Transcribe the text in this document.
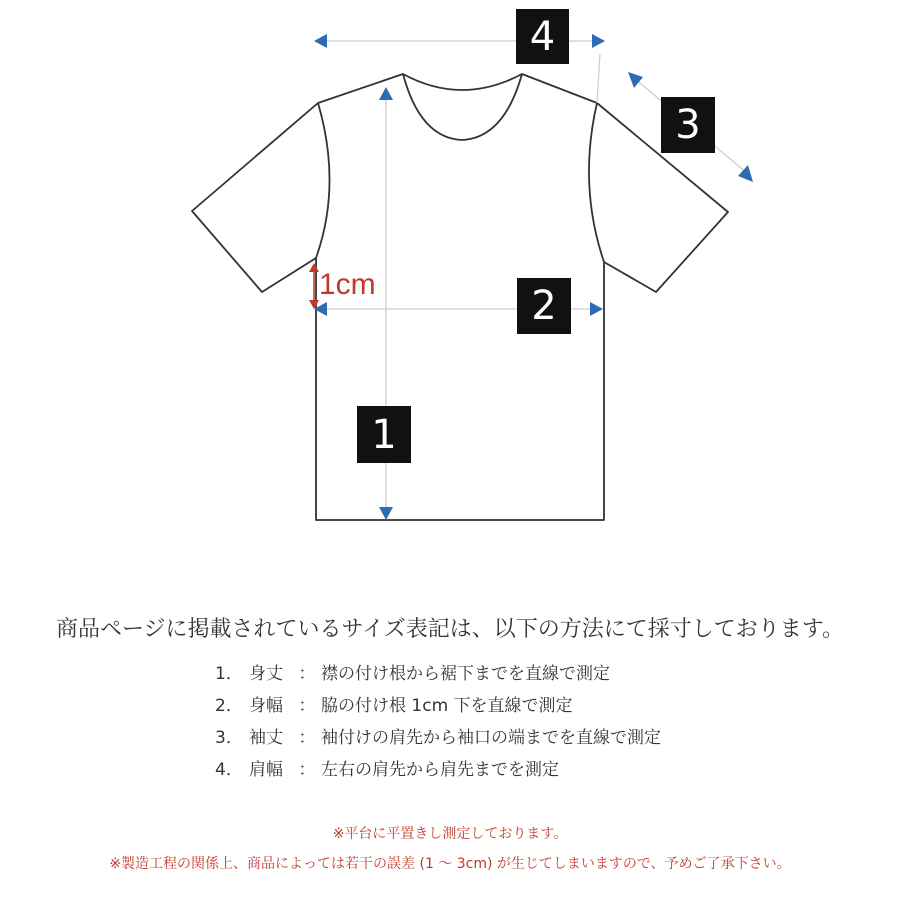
4
3
2
1
1cm
商品ページに掲載されているサイズ表記は、以下の方法にて採寸しております。
1． 身丈 ： 襟の付け根から裾下までを直線で測定
2． 身幅 ： 脇の付け根 1cm 下を直線で測定
3． 袖丈 ： 袖付けの肩先から袖口の端までを直線で測定
4． 肩幅 ： 左右の肩先から肩先までを測定
※平台に平置きし測定しております。
※製造工程の関係上、商品によっては若干の誤差 (1 ～ 3cm) が生じてしまいますので、予めご了承下さい。
